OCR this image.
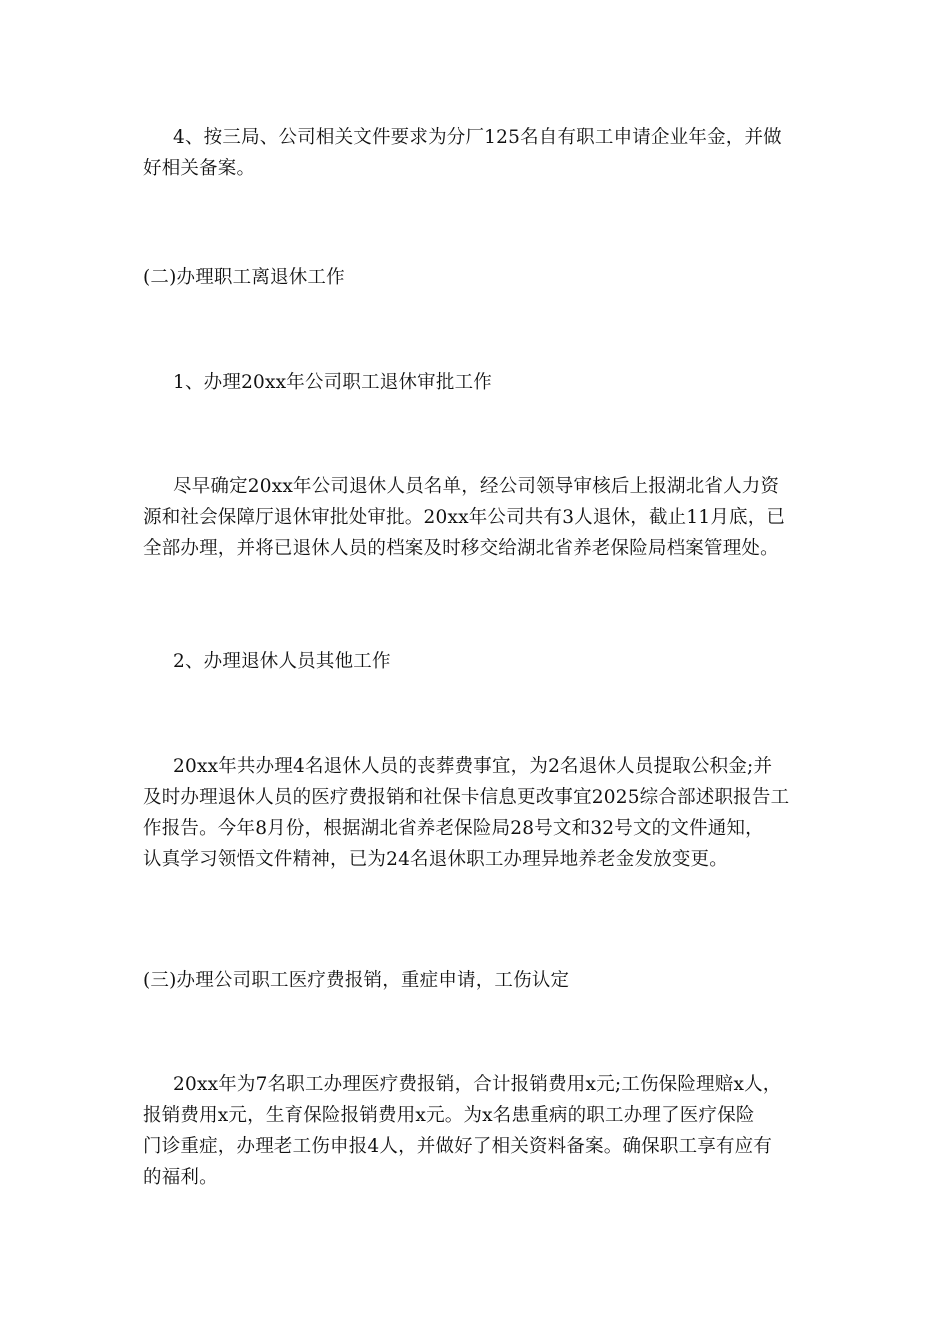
4、按三局、公司相关文件要求为分厂125名自有职工申请企业年金，并做
好相关备案。

(二)办理职工离退休工作

1、办理20xx年公司职工退休审批工作

尽早确定20xx年公司退休人员名单，经公司领导审核后上报湖北省人力资
源和社会保障厅退休审批处审批。20xx年公司共有3人退休，截止11月底，已
全部办理，并将已退休人员的档案及时移交给湖北省养老保险局档案管理处。

2、办理退休人员其他工作

20xx年共办理4名退休人员的丧葬费事宜，为2名退休人员提取公积金;并
及时办理退休人员的医疗费报销和社保卡信息更改事宜2025综合部述职报告工
作报告。今年8月份，根据湖北省养老保险局28号文和32号文的文件通知，
认真学习领悟文件精神，已为24名退休职工办理异地养老金发放变更。

(三)办理公司职工医疗费报销，重症申请，工伤认定

20xx年为7名职工办理医疗费报销，合计报销费用x元;工伤保险理赔x人，
报销费用x元，生育保险报销费用x元。为x名患重病的职工办理了医疗保险
门诊重症，办理老工伤申报4人，并做好了相关资料备案。确保职工享有应有
的福利。
